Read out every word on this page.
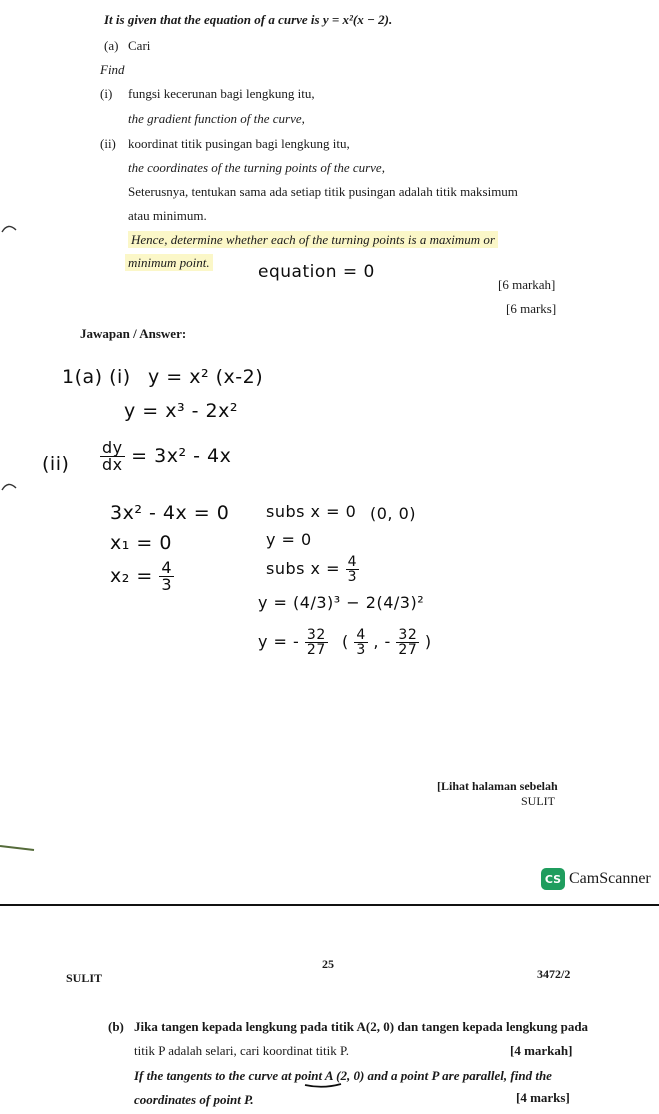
It is given that the equation of a curve is y = x²(x − 2).
(a) Cari
Find
(i) fungsi kecerunan bagi lengkung itu,
the gradient function of the curve,
(ii) koordinat titik pusingan bagi lengkung itu,
the coordinates of the turning points of the curve,
Seterusnya, tentukan sama ada setiap titik pusingan adalah titik maksimum
atau minimum.
Hence, determine whether each of the turning points is a maximum or
minimum point.
[6 markah]
[6 marks]
Jawapan / Answer:
equation = 0
1(a) (i) y = x² (x-2)
y = x³ - 2x²
$(ii) \frac{dy}{dx} = 3x^2 - 4x$
3x² - 4x = 0
x₁ = 0
$x_2 = \frac{4}{3}$
subs x = 0 (0, 0)
y = 0
subs $x = \frac{4}{3}$
y = (4/3)³ − 2(4/3)²
y = - $\frac{32}{27}$ ( $\frac{4}{3}$ , - $\frac{32}{27}$ )
[Lihat halaman sebelah
SULIT
CS CamScanner
25
SULIT	3472/2
(b) Jika tangen kepada lengkung pada titik A(2, 0) dan tangen kepada lengkung pada
titik P adalah selari, cari koordinat titik P.	[4 markah]
If the tangents to the curve at point A (2, 0) and a point P are parallel, find the
coordinates of point P.	[4 marks]
